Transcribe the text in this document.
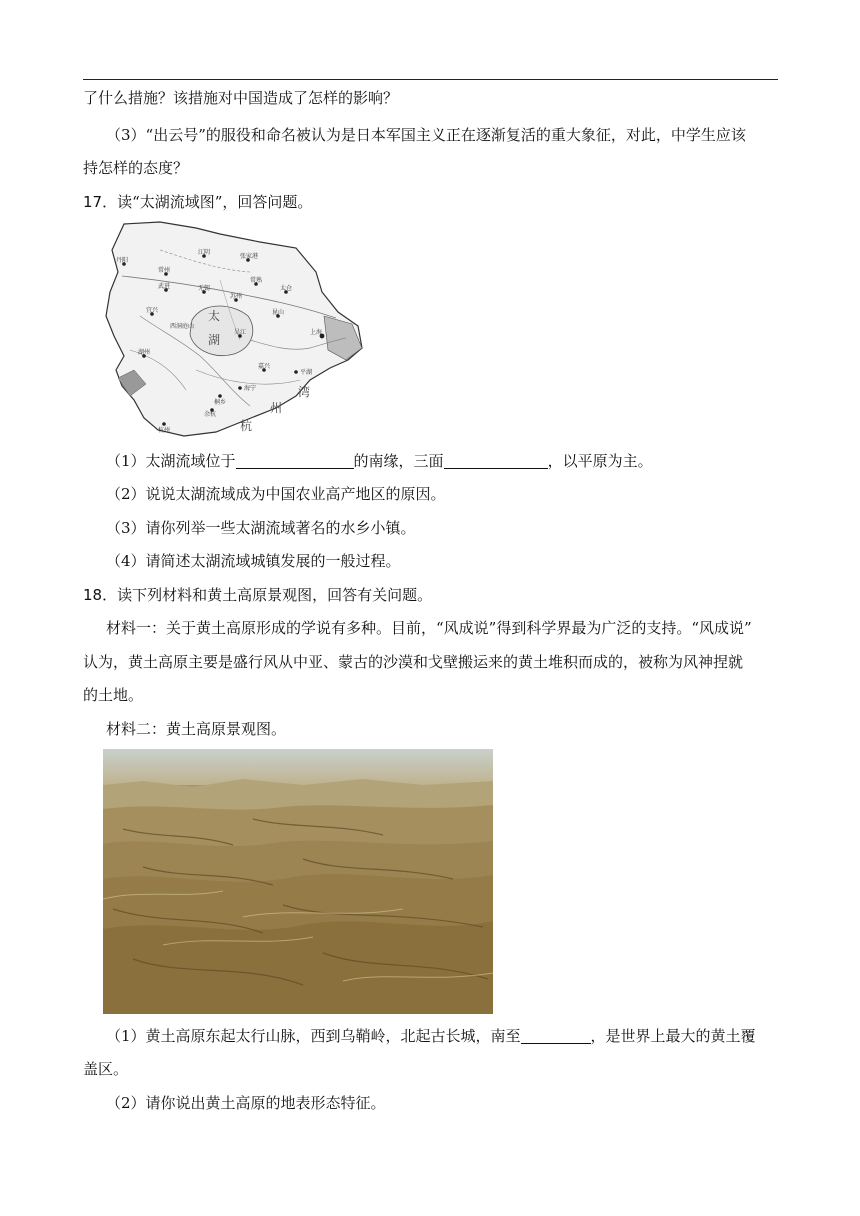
了什么措施？该措施对中国造成了怎样的影响？
（3）“出云号”的服役和命名被认为是日本军国主义正在逐渐复活的重大象征，对此，中学生应该
持怎样的态度？
17．读“太湖流域图”，回答问题。
丹阳
江阴
张家港
常州
武进
常熟
无锡
苏州
太仓
昆山
上海
宜兴
吴江
湖州
嘉兴
平湖
海宁
桐乡
杭州
余杭
太
湖
湾
州
杭
西洞庭山
（1）太湖流域位于	的南缘，三面	，以平原为主。
（2）说说太湖流域成为中国农业高产地区的原因。
（3）请你列举一些太湖流域著名的水乡小镇。
（4）请简述太湖流域城镇发展的一般过程。
18．读下列材料和黄土高原景观图，回答有关问题。
材料一：关于黄土高原形成的学说有多种。目前，“风成说”得到科学界最为广泛的支持。“风成说”
认为，黄土高原主要是盛行风从中亚、蒙古的沙漠和戈壁搬运来的黄土堆积而成的，被称为风神捏就
的土地。
材料二：黄土高原景观图。
（1）黄土高原东起太行山脉，西到乌鞘岭，北起古长城，南至	，是世界上最大的黄土覆
盖区。
（2）请你说出黄土高原的地表形态特征。
